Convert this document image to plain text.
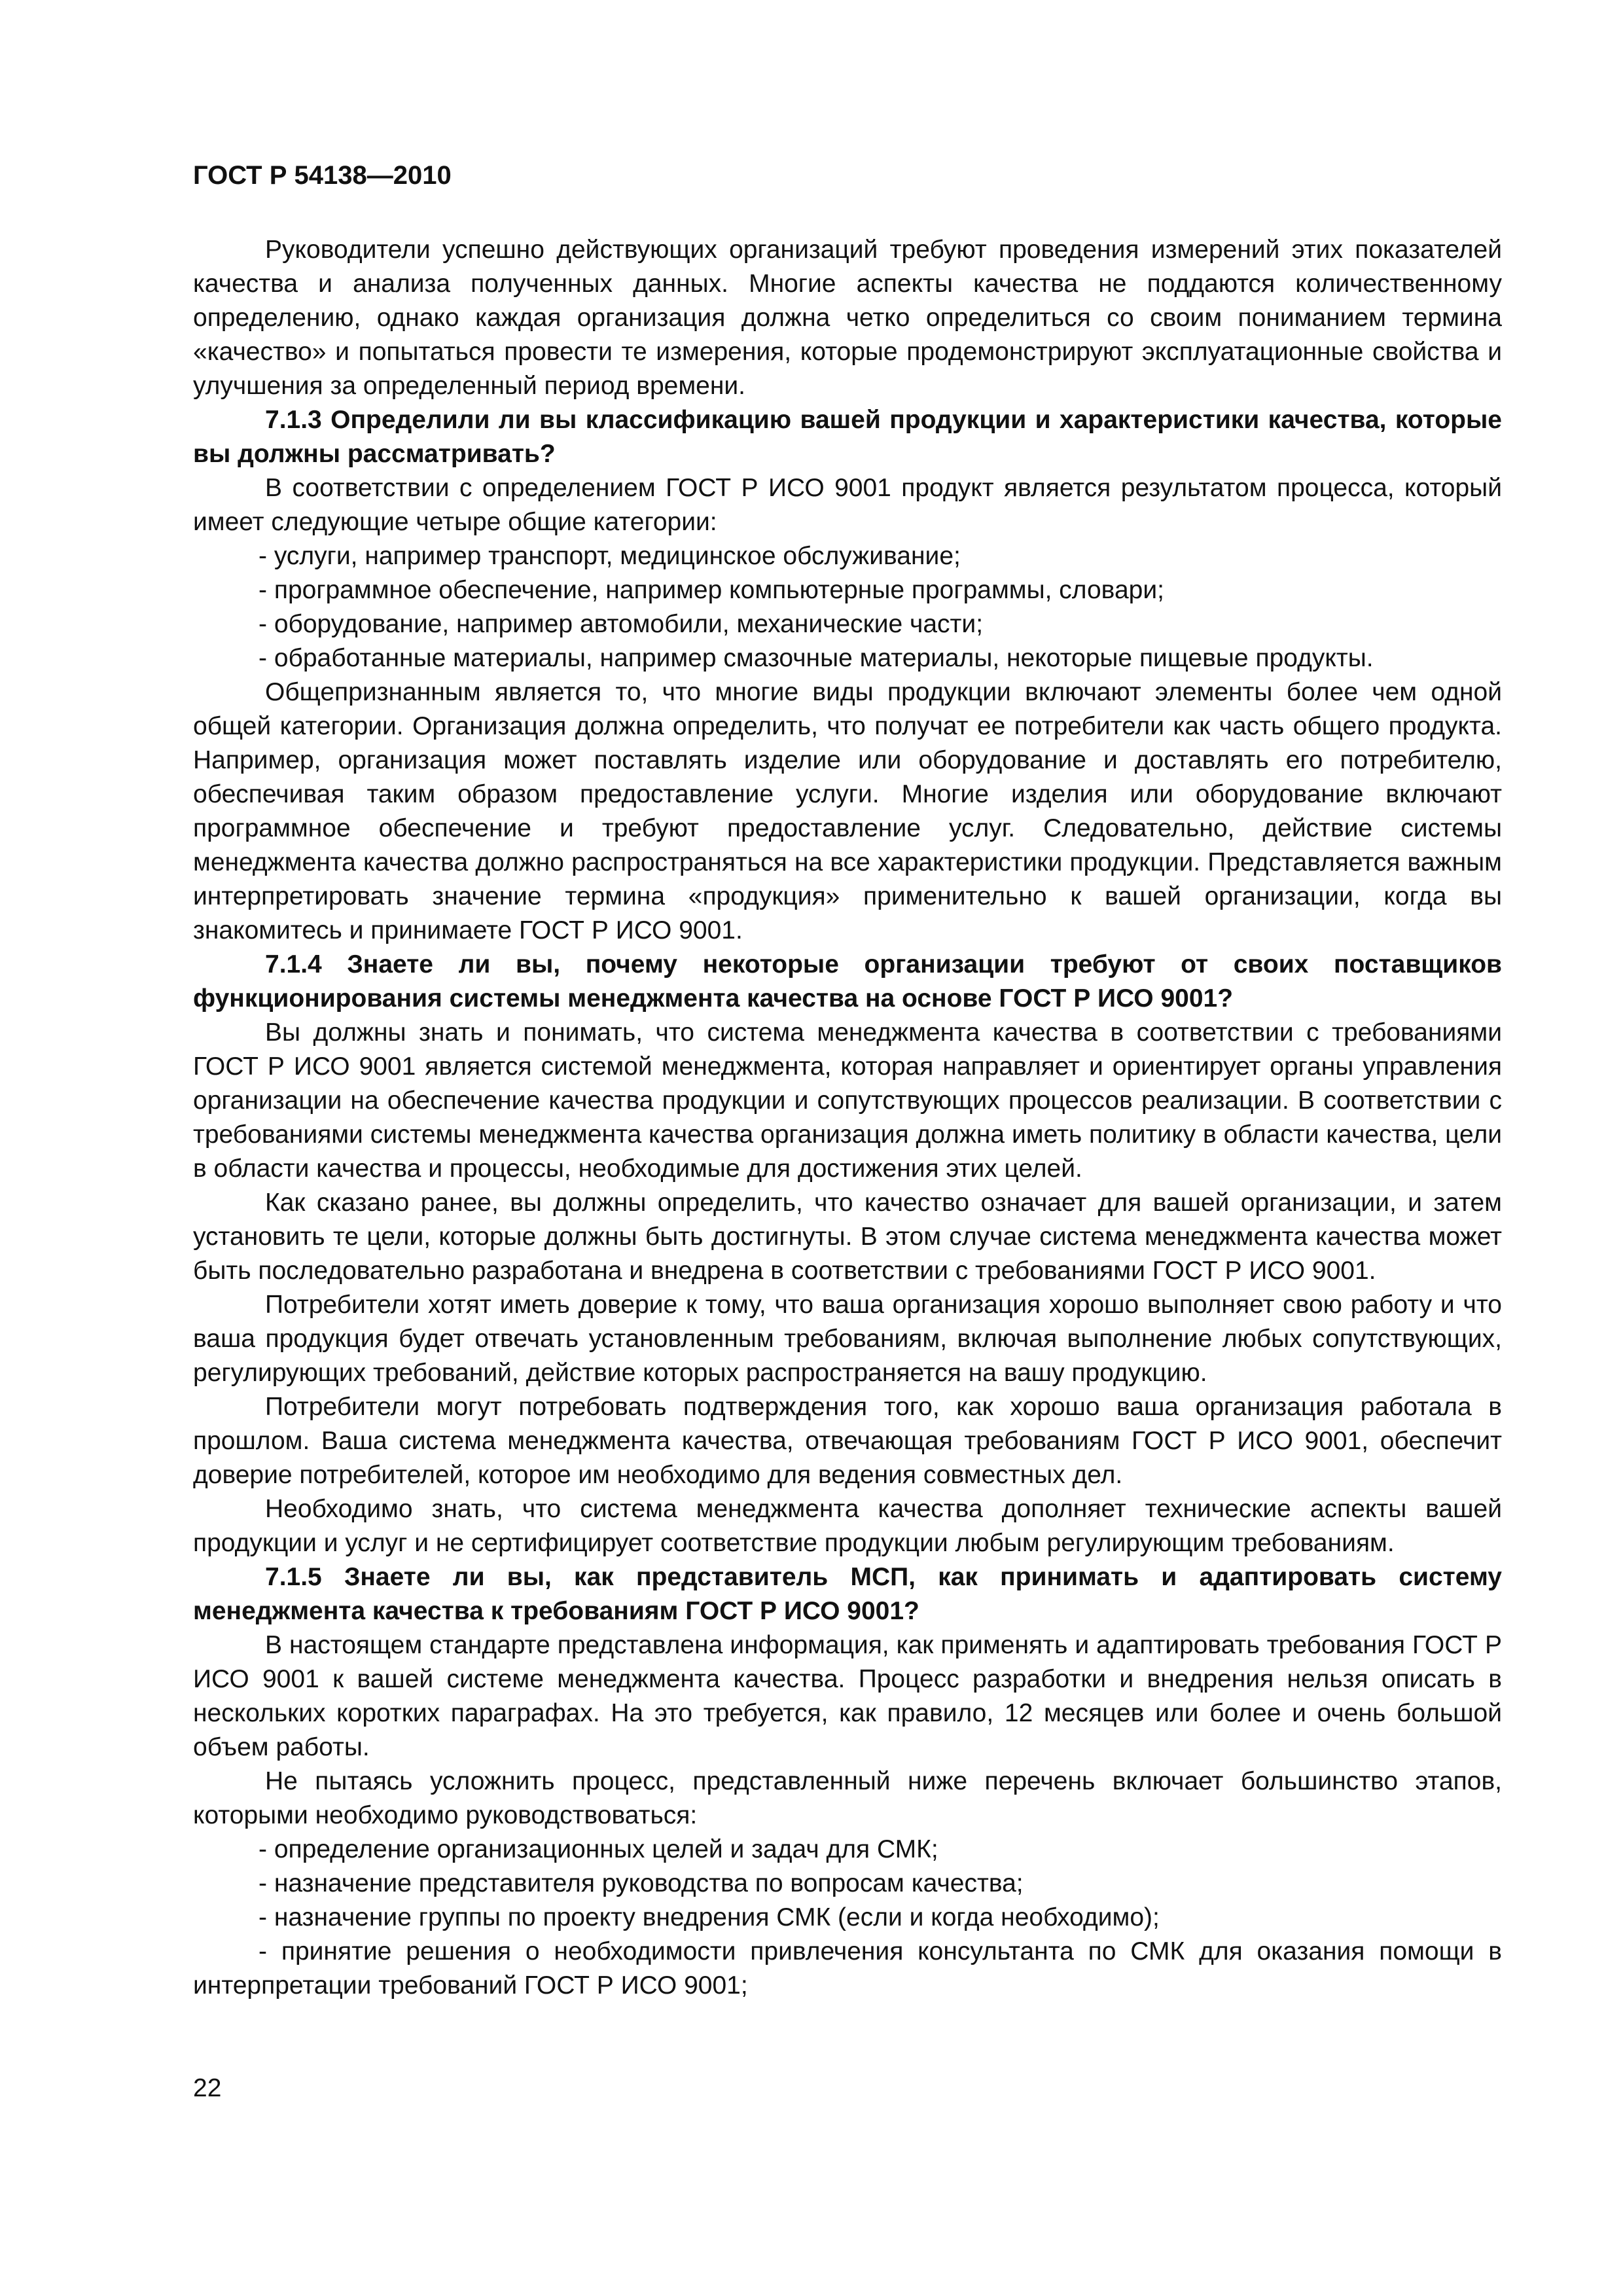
ГОСТ Р 54138—2010

Руководители успешно действующих организаций требуют проведения измерений этих показателей качества и анализа полученных данных. Многие аспекты качества не поддаются количественному определению, однако каждая организация должна четко определиться со своим пониманием термина «качество» и попытаться провести те измерения, которые продемонстрируют эксплуатационные свойства и улучшения за определенный период времени.

7.1.3 Определили ли вы классификацию вашей продукции и характеристики качества, которые вы должны рассматривать?

В соответствии с определением ГОСТ Р ИСО 9001 продукт является результатом процесса, который имеет следующие четыре общие категории:

- услуги, например транспорт, медицинское обслуживание;
- программное обеспечение, например компьютерные программы, словари;
- оборудование, например автомобили, механические части;
- обработанные материалы, например смазочные материалы, некоторые пищевые продукты.

Общепризнанным является то, что многие виды продукции включают элементы более чем одной общей категории. Организация должна определить, что получат ее потребители как часть общего продукта. Например, организация может поставлять изделие или оборудование и доставлять его потребителю, обеспечивая таким образом предоставление услуги. Многие изделия или оборудование включают программное обеспечение и требуют предоставление услуг. Следовательно, действие системы менеджмента качества должно распространяться на все характеристики продукции. Представляется важным интерпретировать значение термина «продукция» применительно к вашей организации, когда вы знакомитесь и принимаете ГОСТ Р ИСО 9001.

7.1.4 Знаете ли вы, почему некоторые организации требуют от своих поставщиков функционирования системы менеджмента качества на основе ГОСТ Р ИСО 9001?

Вы должны знать и понимать, что система менеджмента качества в соответствии с требованиями ГОСТ Р ИСО 9001 является системой менеджмента, которая направляет и ориентирует органы управления организации на обеспечение качества продукции и сопутствующих процессов реализации. В соответствии с требованиями системы менеджмента качества организация должна иметь политику в области качества, цели в области качества и процессы, необходимые для достижения этих целей.

Как сказано ранее, вы должны определить, что качество означает для вашей организации, и затем установить те цели, которые должны быть достигнуты. В этом случае система менеджмента качества может быть последовательно разработана и внедрена в соответствии с требованиями ГОСТ Р ИСО 9001.

Потребители хотят иметь доверие к тому, что ваша организация хорошо выполняет свою работу и что ваша продукция будет отвечать установленным требованиям, включая выполнение любых сопутствующих, регулирующих требований, действие которых распространяется на вашу продукцию.

Потребители могут потребовать подтверждения того, как хорошо ваша организация работала в прошлом. Ваша система менеджмента качества, отвечающая требованиям ГОСТ Р ИСО 9001, обеспечит доверие потребителей, которое им необходимо для ведения совместных дел.

Необходимо знать, что система менеджмента качества дополняет технические аспекты вашей продукции и услуг и не сертифицирует соответствие продукции любым регулирующим требованиям.

7.1.5 Знаете ли вы, как представитель МСП, как принимать и адаптировать систему менеджмента качества к требованиям ГОСТ Р ИСО 9001?

В настоящем стандарте представлена информация, как применять и адаптировать требования ГОСТ Р ИСО 9001 к вашей системе менеджмента качества. Процесс разработки и внедрения нельзя описать в нескольких коротких параграфах. На это требуется, как правило, 12 месяцев или более и очень большой объем работы.

Не пытаясь усложнить процесс, представленный ниже перечень включает большинство этапов, которыми необходимо руководствоваться:

- определение организационных целей и задач для СМК;
- назначение представителя руководства по вопросам качества;
- назначение группы по проекту внедрения СМК (если и когда необходимо);
- принятие решения о необходимости привлечения консультанта по СМК для оказания помощи в интерпретации требований ГОСТ Р ИСО 9001;
22
